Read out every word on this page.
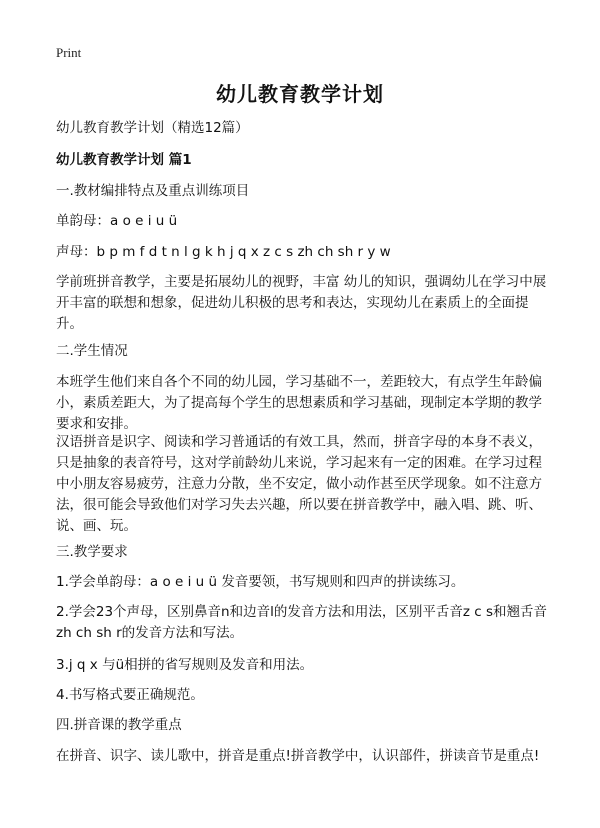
Print
幼儿教育教学计划

幼儿教育教学计划（精选12篇）

幼儿教育教学计划 篇1

一.教材编排特点及重点训练项目

单韵母：a o e i u ü

声母：b p m f d t n l g k h j q x z c s zh ch sh r y w

学前班拼音教学，主要是拓展幼儿的视野，丰富 幼儿的知识，强调幼儿在学习中展开丰富的联想和想象，促进幼儿积极的思考和表达，实现幼儿在素质上的全面提升。

二.学生情况

本班学生他们来自各个不同的幼儿园，学习基础不一，差距较大，有点学生年龄偏小，素质差距大，为了提高每个学生的思想素质和学习基础，现制定本学期的教学要求和安排。

汉语拼音是识字、阅读和学习普通话的有效工具，然而，拼音字母的本身不表义，只是抽象的表音符号，这对学前龄幼儿来说，学习起来有一定的困难。在学习过程中小朋友容易疲劳，注意力分散，坐不安定，做小动作甚至厌学现象。如不注意方法，很可能会导致他们对学习失去兴趣，所以要在拼音教学中，融入唱、跳、听、说、画、玩。

三.教学要求

1.学会单韵母：a o e i u ü 发音要领，书写规则和四声的拼读练习。

2.学会23个声母，区别鼻音n和边音l的发音方法和用法，区别平舌音z c s和翘舌音zh ch sh r的发音方法和写法。

3.j q x 与ü相拼的省写规则及发音和用法。

4.书写格式要正确规范。

四.拼音课的教学重点

在拼音、识字、读儿歌中，拼音是重点!拼音教学中，认识部件，拼读音节是重点!
